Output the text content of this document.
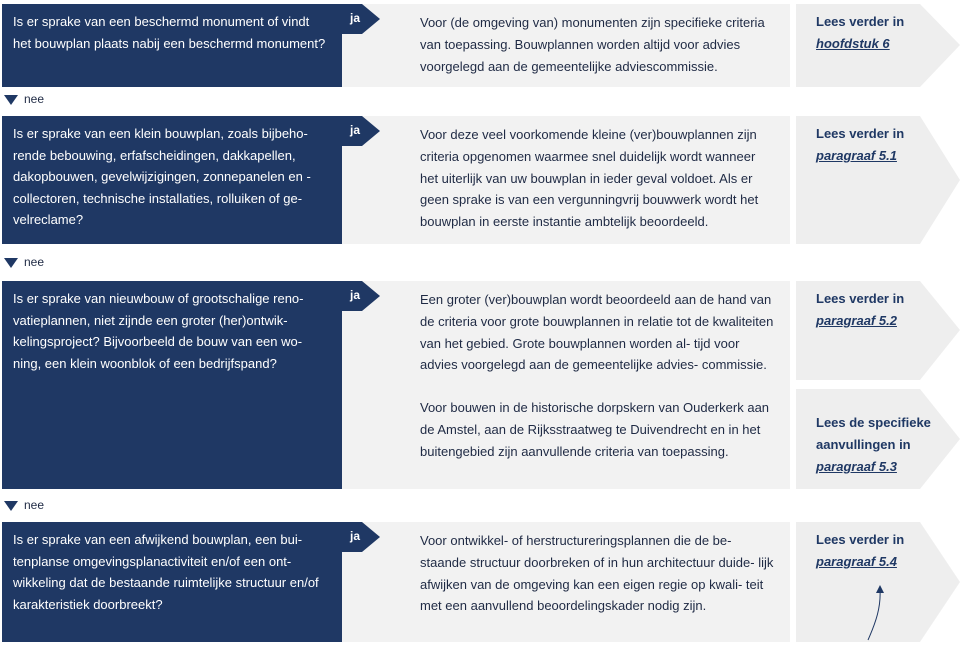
Is er sprake van een beschermd monument of vindt het bouwplan plaats nabij een beschermd monument?
ja	Voor (de omgeving van) monumenten zijn specifieke criteria van toepassing. Bouwplannen worden altijd voor advies voorgelegd aan de gemeentelijke adviescommissie.

Lees verder in
hoofdstuk 6
nee
Is er sprake van een klein bouwplan, zoals bijbeho- rende bebouwing, erfafscheidingen, dakkapellen, dakopbouwen, gevelwijzigingen, zonnepanelen en -collectoren, technische installaties, rolluiken of ge- velreclame?
ja	Voor deze veel voorkomende kleine (ver)bouwplannen zijn criteria opgenomen waarmee snel duidelijk wordt wanneer het uiterlijk van uw bouwplan in ieder geval voldoet. Als er geen sprake is van een vergunningvrij bouwwerk wordt het bouwplan in eerste instantie ambtelijk beoordeeld.

Lees verder in
paragraaf 5.1
nee
Is er sprake van nieuwbouw of grootschalige reno- vatieplannen, niet zijnde een groter (her)ontwik- kelingsproject? Bijvoorbeeld de bouw van een wo- ning, een klein woonblok of een bedrijfspand?
ja	Een groter (ver)bouwplan wordt beoordeeld aan de hand van de criteria voor grote bouwplannen in relatie tot de kwaliteiten van het gebied. Grote bouwplannen worden al- tijd voor advies voorgelegd aan de gemeentelijke advies- commissie.

Voor bouwen in de historische dorpskern van Ouderkerk aan de Amstel, aan de Rijksstraatweg te Duivendrecht en in het buitengebied zijn aanvullende criteria van toepassing.

Lees verder in
paragraaf 5.2
Lees de specifieke
aanvullingen in
paragraaf 5.3
nee
Is er sprake van een afwijkend bouwplan, een bui- tenplanse omgevingsplanactiviteit en/of een ont- wikkeling dat de bestaande ruimtelijke structuur en/of karakteristiek doorbreekt?
ja	Voor ontwikkel- of herstructureringsplannen die de be- staande structuur doorbreken of in hun architectuur duide- lijk afwijken van de omgeving kan een eigen regie op kwali- teit met een aanvullend beoordelingskader nodig zijn.

Lees verder in
paragraaf 5.4
